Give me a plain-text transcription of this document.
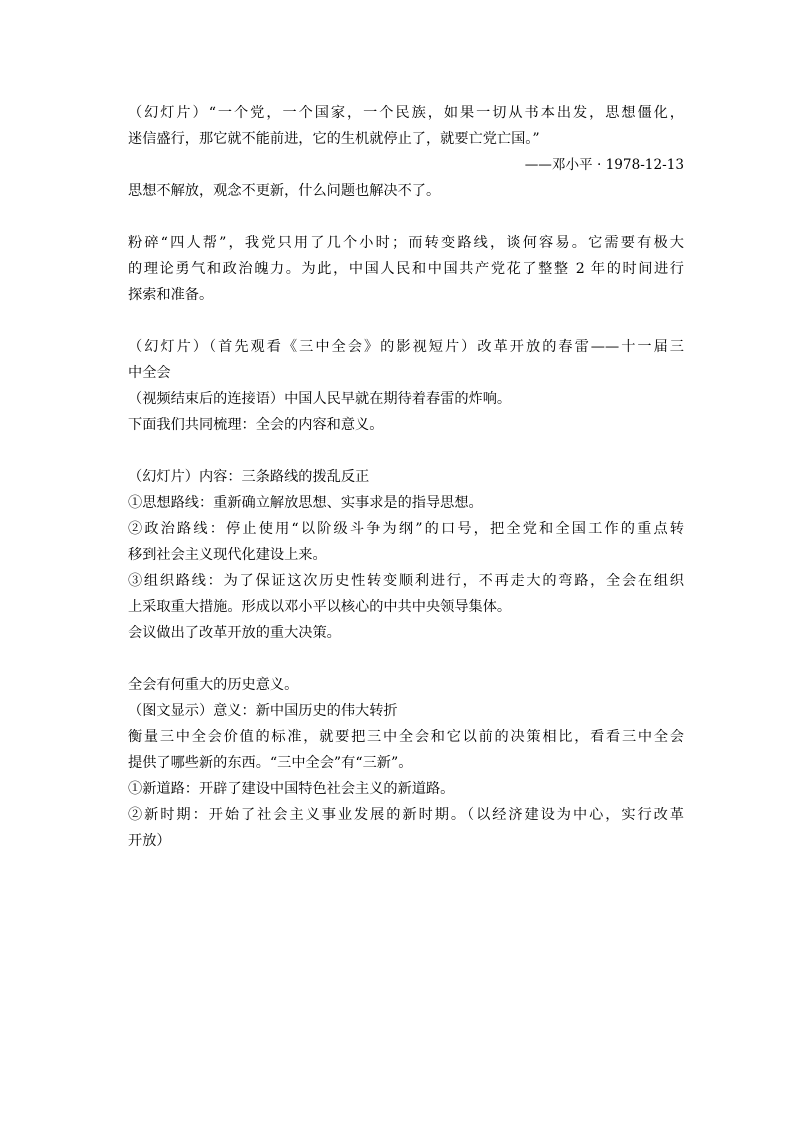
（幻灯片）“一个党，一个国家，一个民族，如果一切从书本出发，思想僵化，
迷信盛行，那它就不能前进，它的生机就停止了，就要亡党亡国。”
——邓小平 · 1978-12-13
思想不解放，观念不更新，什么问题也解决不了。
粉碎“四人帮”，我党只用了几个小时；而转变路线，谈何容易。它需要有极大
的理论勇气和政治魄力。为此，中国人民和中国共产党花了整整 2 年的时间进行
探索和准备。
（幻灯片）（首先观看《三中全会》的影视短片）改革开放的春雷——十一届三
中全会
（视频结束后的连接语）中国人民早就在期待着春雷的炸响。
下面我们共同梳理：全会的内容和意义。
（幻灯片）内容：三条路线的拨乱反正
①思想路线：重新确立解放思想、实事求是的指导思想。
②政治路线：停止使用“以阶级斗争为纲”的口号，把全党和全国工作的重点转
移到社会主义现代化建设上来。
③组织路线：为了保证这次历史性转变顺利进行，不再走大的弯路，全会在组织
上采取重大措施。形成以邓小平以核心的中共中央领导集体。
会议做出了改革开放的重大决策。
全会有何重大的历史意义。
（图文显示）意义：新中国历史的伟大转折
衡量三中全会价值的标准，就要把三中全会和它以前的决策相比，看看三中全会
提供了哪些新的东西。“三中全会”有“三新”。
①新道路：开辟了建设中国特色社会主义的新道路。
②新时期：开始了社会主义事业发展的新时期。（以经济建设为中心，实行改革
开放）
